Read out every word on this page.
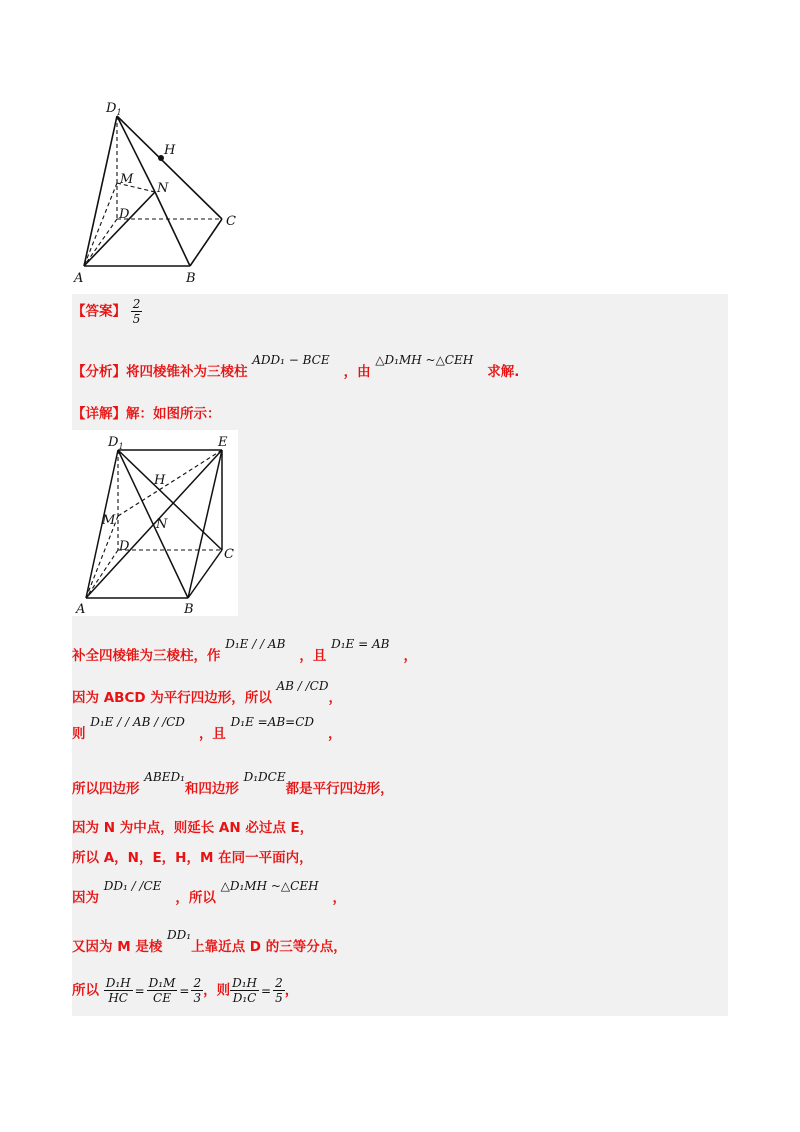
$D_1$
H
M
N
D	C
A	B
【答案】 $\frac{2}{5}$
【分析】将四棱锥补为三棱柱 ADD₁ − BCE，由 △D₁MH ~△CEH求解.
【详解】解：如图所示：
$D_1$	E
H
M	N
D
C
A	B
补全四棱锥为三棱柱，作 D₁E / / AB，且 D₁E = AB，
因为 ABCD 为平行四边形，所以 AB / /CD，
则 D₁E / / AB / /CD，且 D₁E =AB=CD，
所以四边形 ABED₁和四边形 D₁DCE都是平行四边形，
因为 N 为中点，则延长 AN 必过点 E，
所以 A，N，E，H，M 在同一平面内，
因为 DD₁ / /CE，所以 △D₁MH ~△CEH，
又因为 M 是棱 DD₁上靠近点 D 的三等分点，
所以 $\frac{\text{D₁H}}{HC} = \frac{\text{D₁M}}{CE} = \frac{2}{3}$ ，则 $\frac{\text{D₁H}}{\text{D₁C}} = \frac{2}{5}$ ，
